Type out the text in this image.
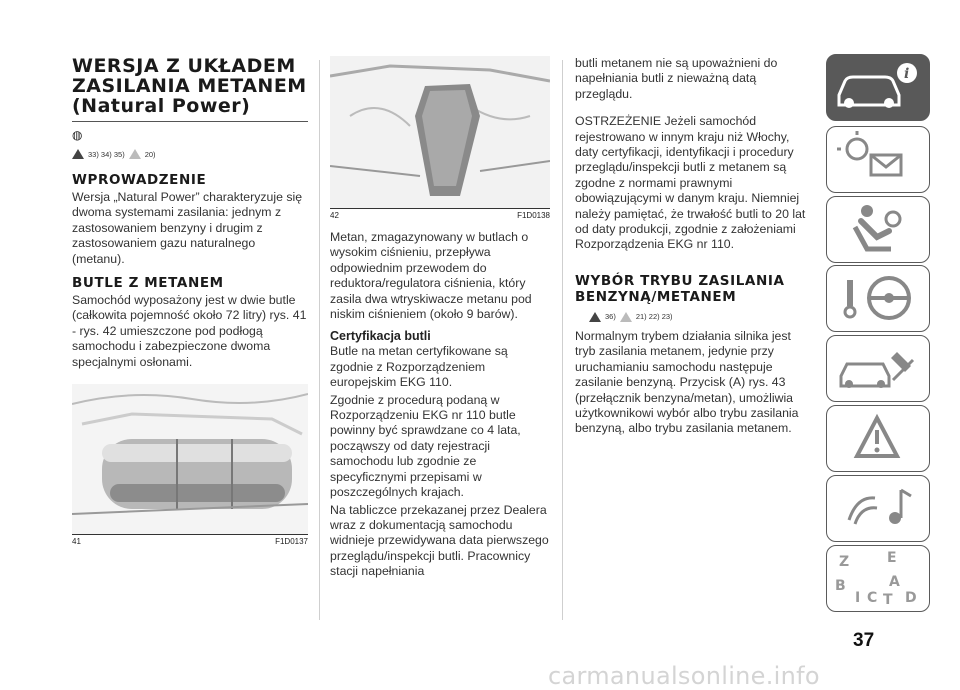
WERSJA Z UKŁADEM ZASILANIA METANEM (Natural Power)
◍
33) 34) 35)	20)
WPROWADZENIE

Wersja „Natural Power” charakteryzuje się dwoma systemami zasilania: jednym z zastosowaniem benzyny i drugim z zastosowaniem gazu naturalnego (metanu).

BUTLE Z METANEM

Samochód wyposażony jest w dwie butle (całkowita pojemność około 72 litry) rys. 41 - rys. 42 umieszczone pod podłogą samochodu i zabezpieczone dwoma specjalnymi osłonami.

41	F1D0137
42	F1D0138

Metan, zmagazynowany w butlach o wysokim ciśnieniu, przepływa odpowiednim przewodem do reduktora/regulatora ciśnienia, który zasila dwa wtryskiwacze metanu pod niskim ciśnieniem (około 9 barów).

Certyfikacja butli

Butle na metan certyfikowane są zgodnie z Rozporządzeniem europejskim EKG 110.

Zgodnie z procedurą podaną w Rozporządzeniu EKG nr 110 butle powinny być sprawdzane co 4 lata, począwszy od daty rejestracji samochodu lub zgodnie ze specyficznymi przepisami w poszczególnych krajach.

Na tabliczce przekazanej przez Dealera wraz z dokumentacją samochodu widnieje przewidywana data pierwszego przeglądu/inspekcji butli. Pracownicy stacji napełniania

butli metanem nie są upoważnieni do napełniania butli z nieważną datą przeglądu.

OSTRZEŻENIE Jeżeli samochód rejestrowano w innym kraju niż Włochy, daty certyfikacji, identyfikacji i procedury przeglądu/inspekcji butli z metanem są zgodne z normami prawnymi obowiązującymi w danym kraju. Niemniej należy pamiętać, że trwałość butli to 20 lat od daty produkcji, zgodnie z założeniami Rozporządzenia EKG nr 110.

WYBÓR TRYBU ZASILANIA BENZYNĄ/METANEM
36)	21) 22) 23)

Normalnym trybem działania silnika jest tryb zasilania metanem, jedynie przy uruchamianiu samochodu następuje zasilanie benzyną. Przycisk (A) rys. 43 (przełącznik benzyna/metan), umożliwia użytkownikowi wybór albo trybu zasilania benzyną, albo trybu zasilania metanem.

i
Z	E
B	A
I C T D
37
carmanualsonline.info
